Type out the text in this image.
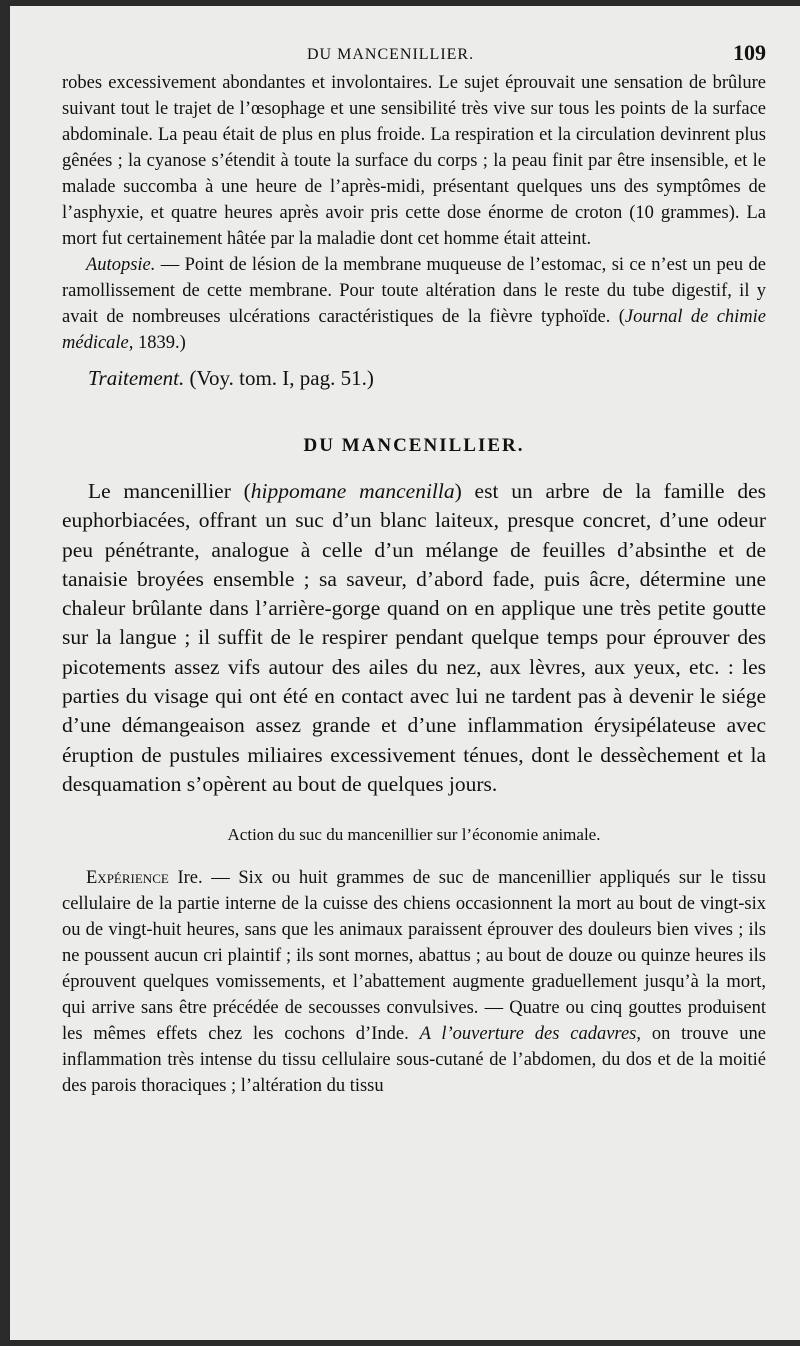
DU MANCENILLIER.	109

robes excessivement abondantes et involontaires. Le sujet éprouvait une sensation de brûlure suivant tout le trajet de l’œsophage et une sensibilité très vive sur tous les points de la surface abdominale. La peau était de plus en plus froide. La respiration et la circulation devinrent plus gênées ; la cyanose s’étendit à toute la surface du corps ; la peau finit par être insensible, et le malade succomba à une heure de l’après-midi, présentant quelques uns des symptômes de l’asphyxie, et quatre heures après avoir pris cette dose énorme de croton (10 grammes). La mort fut certainement hâtée par la maladie dont cet homme était atteint.

Autopsie. — Point de lésion de la membrane muqueuse de l’estomac, si ce n’est un peu de ramollissement de cette membrane. Pour toute altération dans le reste du tube digestif, il y avait de nombreuses ulcérations caractéristiques de la fièvre typhoïde. (Journal de chimie médicale, 1839.)

Traitement. (Voy. tom. I, pag. 51.)
DU MANCENILLIER.

Le mancenillier (hippomane mancenilla) est un arbre de la famille des euphorbiacées, offrant un suc d’un blanc laiteux, presque concret, d’une odeur peu pénétrante, analogue à celle d’un mélange de feuilles d’absinthe et de tanaisie broyées ensemble ; sa saveur, d’abord fade, puis âcre, détermine une chaleur brûlante dans l’arrière-gorge quand on en applique une très petite goutte sur la langue ; il suffit de le respirer pendant quelque temps pour éprouver des picotements assez vifs autour des ailes du nez, aux lèvres, aux yeux, etc. : les parties du visage qui ont été en contact avec lui ne tardent pas à devenir le siége d’une démangeaison assez grande et d’une inflammation érysipélateuse avec éruption de pustules miliaires excessivement ténues, dont le dessèchement et la desquamation s’opèrent au bout de quelques jours.

Action du suc du mancenillier sur l’économie animale.

Expérience Ire. — Six ou huit grammes de suc de mancenillier appliqués sur le tissu cellulaire de la partie interne de la cuisse des chiens occasionnent la mort au bout de vingt-six ou de vingt-huit heures, sans que les animaux paraissent éprouver des douleurs bien vives ; ils ne poussent aucun cri plaintif ; ils sont mornes, abattus ; au bout de douze ou quinze heures ils éprouvent quelques vomissements, et l’abattement augmente graduellement jusqu’à la mort, qui arrive sans être précédée de secousses convulsives. — Quatre ou cinq gouttes produisent les mêmes effets chez les cochons d’Inde. A l’ouverture des cadavres, on trouve une inflammation très intense du tissu cellulaire sous-cutané de l’abdomen, du dos et de la moitié des parois thoraciques ; l’altération du tissu
